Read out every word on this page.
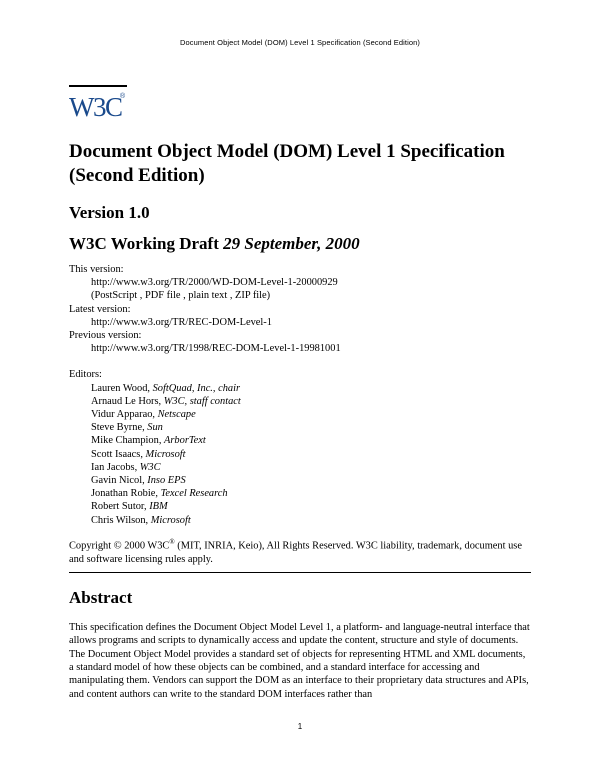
Document Object Model (DOM) Level 1 Specification (Second Edition)
W3C
®
Document Object Model (DOM) Level 1 Specification (Second Edition)
Version 1.0
W3C Working Draft 29 September, 2000
This version:
http://www.w3.org/TR/2000/WD-DOM-Level-1-20000929
(PostScript , PDF file , plain text , ZIP file)
Latest version:
http://www.w3.org/TR/REC-DOM-Level-1
Previous version:
http://www.w3.org/TR/1998/REC-DOM-Level-1-19981001
Editors:
Lauren Wood, SoftQuad, Inc., chair
Arnaud Le Hors, W3C, staff contact
Vidur Apparao, Netscape
Steve Byrne, Sun
Mike Champion, ArborText
Scott Isaacs, Microsoft
Ian Jacobs, W3C
Gavin Nicol, Inso EPS
Jonathan Robie, Texcel Research
Robert Sutor, IBM
Chris Wilson, Microsoft
Copyright © 2000 W3C® (MIT, INRIA, Keio), All Rights Reserved. W3C liability, trademark, document use and software licensing rules apply.
Abstract
This specification defines the Document Object Model Level 1, a platform- and language-neutral interface that allows programs and scripts to dynamically access and update the content, structure and style of documents. The Document Object Model provides a standard set of objects for representing HTML and XML documents, a standard model of how these objects can be combined, and a standard interface for accessing and manipulating them. Vendors can support the DOM as an interface to their proprietary data structures and APIs, and content authors can write to the standard DOM interfaces rather than
1
